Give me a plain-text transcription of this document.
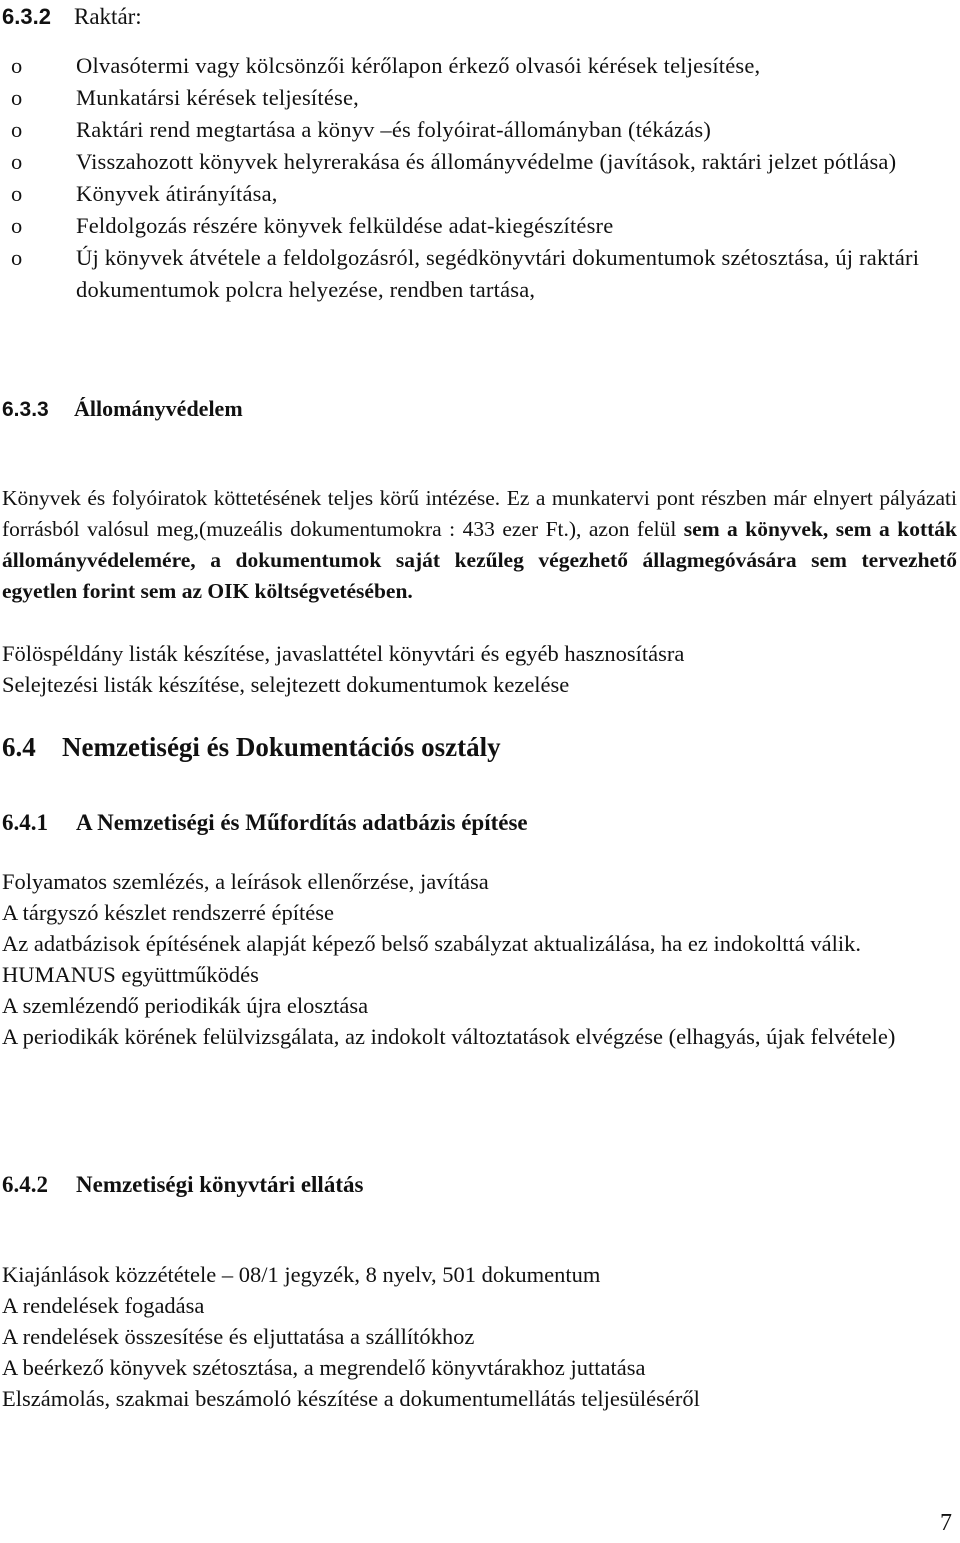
6.3.2 Raktár:
o Olvasótermi vagy kölcsönzői kérőlapon érkező olvasói kérések teljesítése,
o Munkatársi kérések teljesítése,
o Raktári rend megtartása a könyv –és folyóirat-állományban (tékázás)
o Visszahozott könyvek helyrerakása és állományvédelme (javítások, raktári jelzet pótlása)
o Könyvek átirányítása,
o Feldolgozás részére könyvek felküldése adat-kiegészítésre
o Új könyvek átvétele a feldolgozásról, segédkönyvtári dokumentumok szétosztása, új raktári dokumentumok polcra helyezése, rendben tartása,
6.3.3 Állományvédelem
Könyvek és folyóiratok köttetésének teljes körű intézése. Ez a munkatervi pont részben már elnyert pályázati forrásból valósul meg,(muzeális dokumentumokra : 433 ezer Ft.), azon felül sem a könyvek, sem a kották állományvédelemére, a dokumentumok saját kezűleg végezhető állagmegóvására sem tervezhető egyetlen forint sem az OIK költségvetésében.
Fölöspéldány listák készítése, javaslattétel könyvtári és egyéb hasznosításra
Selejtezési listák készítése, selejtezett dokumentumok kezelése
6.4 Nemzetiségi és Dokumentációs osztály
6.4.1 A Nemzetiségi és Műfordítás adatbázis építése
Folyamatos szemlézés, a leírások ellenőrzése, javítása
A tárgyszó készlet rendszerré építése
Az adatbázisok építésének alapját képező belső szabályzat aktualizálása, ha ez indokolttá válik.
HUMANUS együttműködés
A szemlézendő periodikák újra elosztása
A periodikák körének felülvizsgálata, az indokolt változtatások elvégzése (elhagyás, újak felvétele)
6.4.2 Nemzetiségi könyvtári ellátás
Kiajánlások közzététele – 08/1 jegyzék, 8 nyelv, 501 dokumentum
A rendelések fogadása
A rendelések összesítése és eljuttatása a szállítókhoz
A beérkező könyvek szétosztása, a megrendelő könyvtárakhoz juttatása
Elszámolás, szakmai beszámoló készítése a dokumentumellátás teljesüléséről
7
